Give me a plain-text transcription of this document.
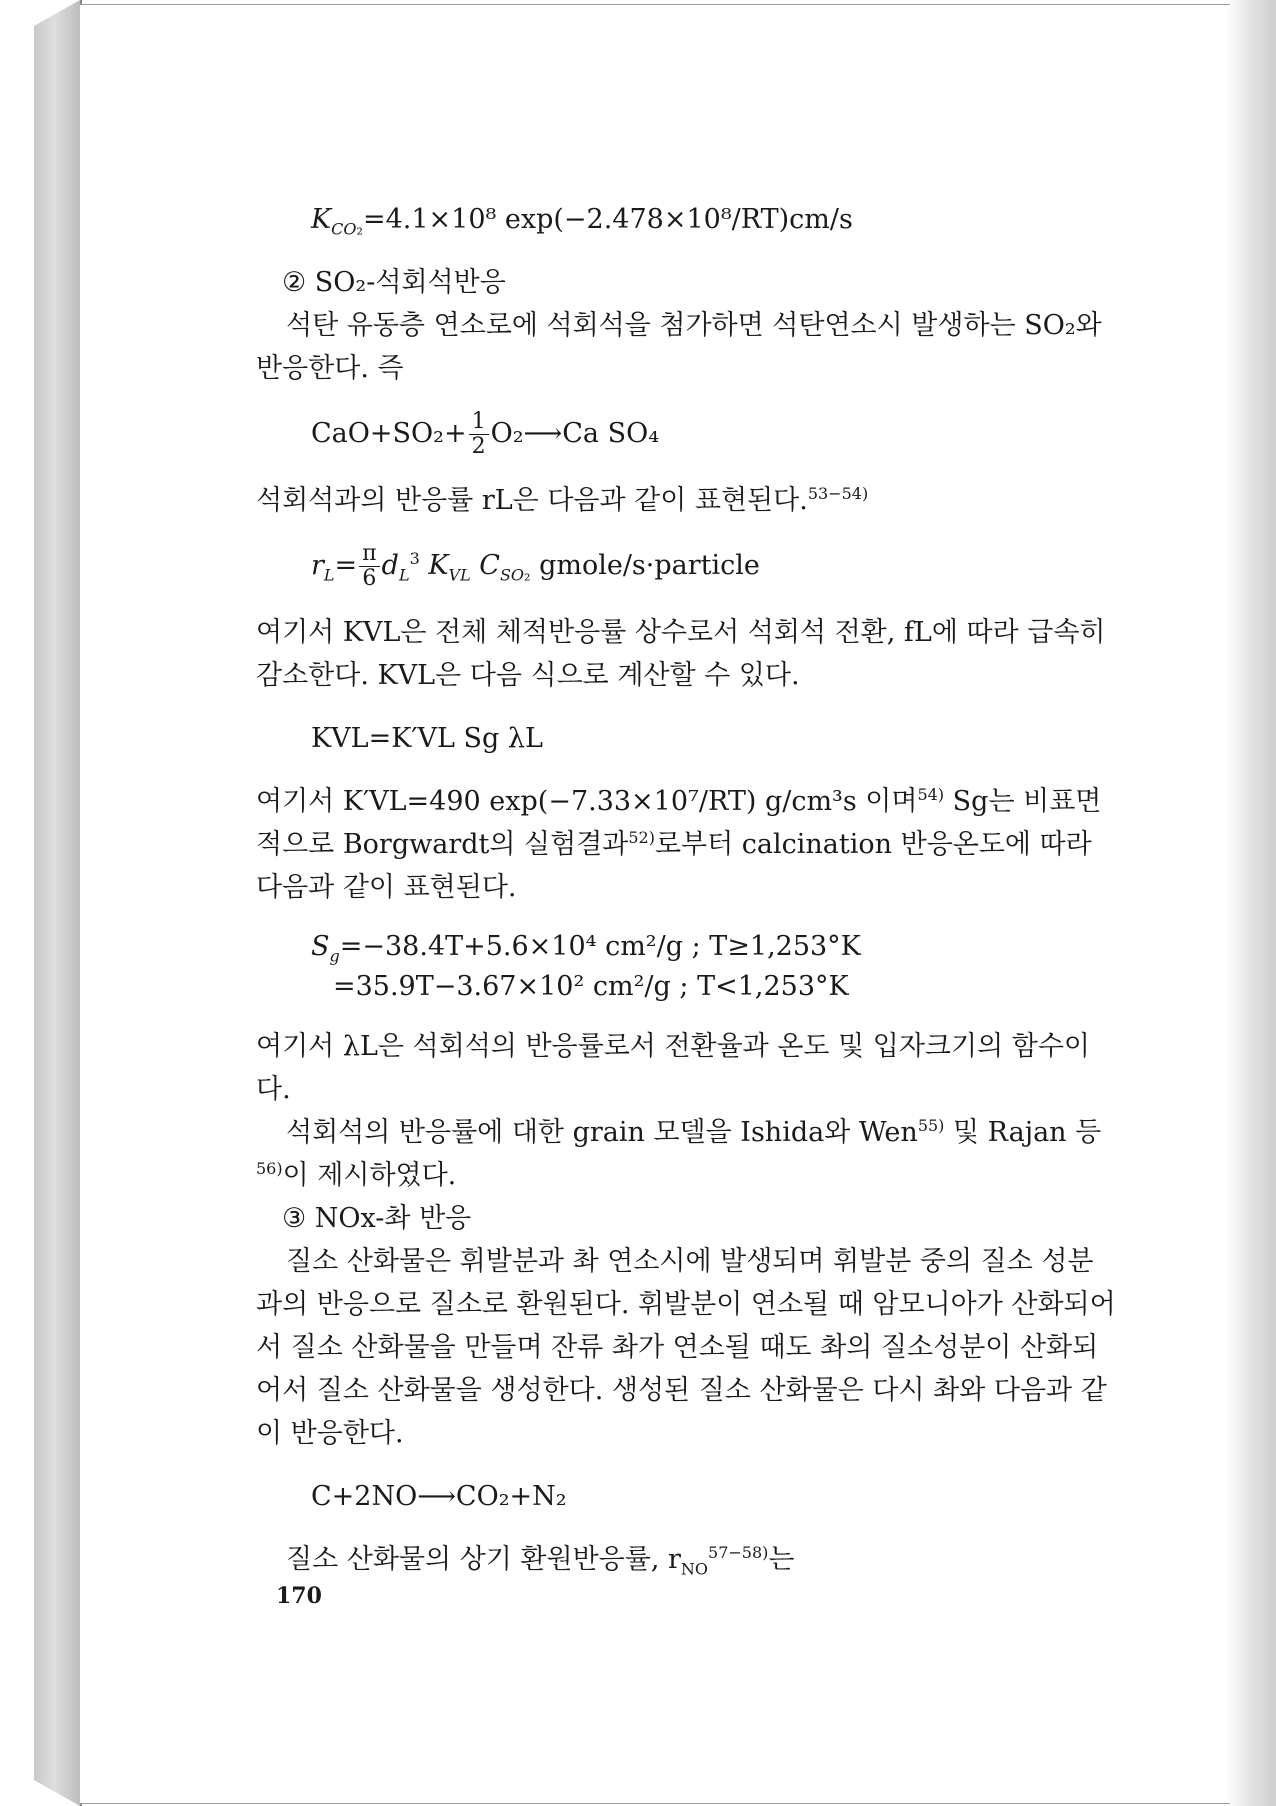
$K_{CO_2}=4.1\times 10^8$ exp(−2.478×10⁸/RT)cm/s

② SO₂-석회석반응

석탄 유동층 연소로에 석회석을 첨가하면 석탄연소시 발생하는 SO₂와 반응한다. 즉

$CaO+SO_2+ \frac{1}{2}$ O₂⟶Ca SO₄

석회석과의 반응률 rL은 다음과 같이 표현된다.$^{53-54)}$

$r_L= \frac{\pi}{6} d_L^3$ $K_{VL}$ $C_{SO_2}$ gmole/s·particle

여기서 KVL은 전체 체적반응률 상수로서 석회석 전환, fL에 따라 급속히 감소한다. KVL은 다음 식으로 계산할 수 있다.

KVL=K′VL Sg λL

여기서 K′VL=490 exp(−7.33×10⁷/RT) g/cm³s 이며$^{54)}$ Sg는 비표면적으로 Borgwardt의 실험결과$^{52)}$로부터 calcination 반응온도에 따라 다음과 같이 표현된다.

$S_g=-38.4T+5.6\times 10^4$ cm²/g ; T≥1,253°K
=35.9T−3.67×10² cm²/g ; T<1,253°K

여기서 λL은 석회석의 반응률로서 전환율과 온도 및 입자크기의 함수이다.

석회석의 반응률에 대한 grain 모델을 Ishida와 Wen$^{55)}$ 및 Rajan 등$^{56)}$이 제시하였다.

③ NOx-촤 반응

질소 산화물은 휘발분과 촤 연소시에 발생되며 휘발분 중의 질소 성분과의 반응으로 질소로 환원된다. 휘발분이 연소될 때 암모니아가 산화되어서 질소 산화물을 만들며 잔류 촤가 연소될 때도 촤의 질소성분이 산화되어서 질소 산화물을 생성한다. 생성된 질소 산화물은 다시 촤와 다음과 같이 반응한다.

C+2NO⟶CO₂+N₂

질소 산화물의 상기 환원반응률, $r_{NO}^{57-58)}$는

170
